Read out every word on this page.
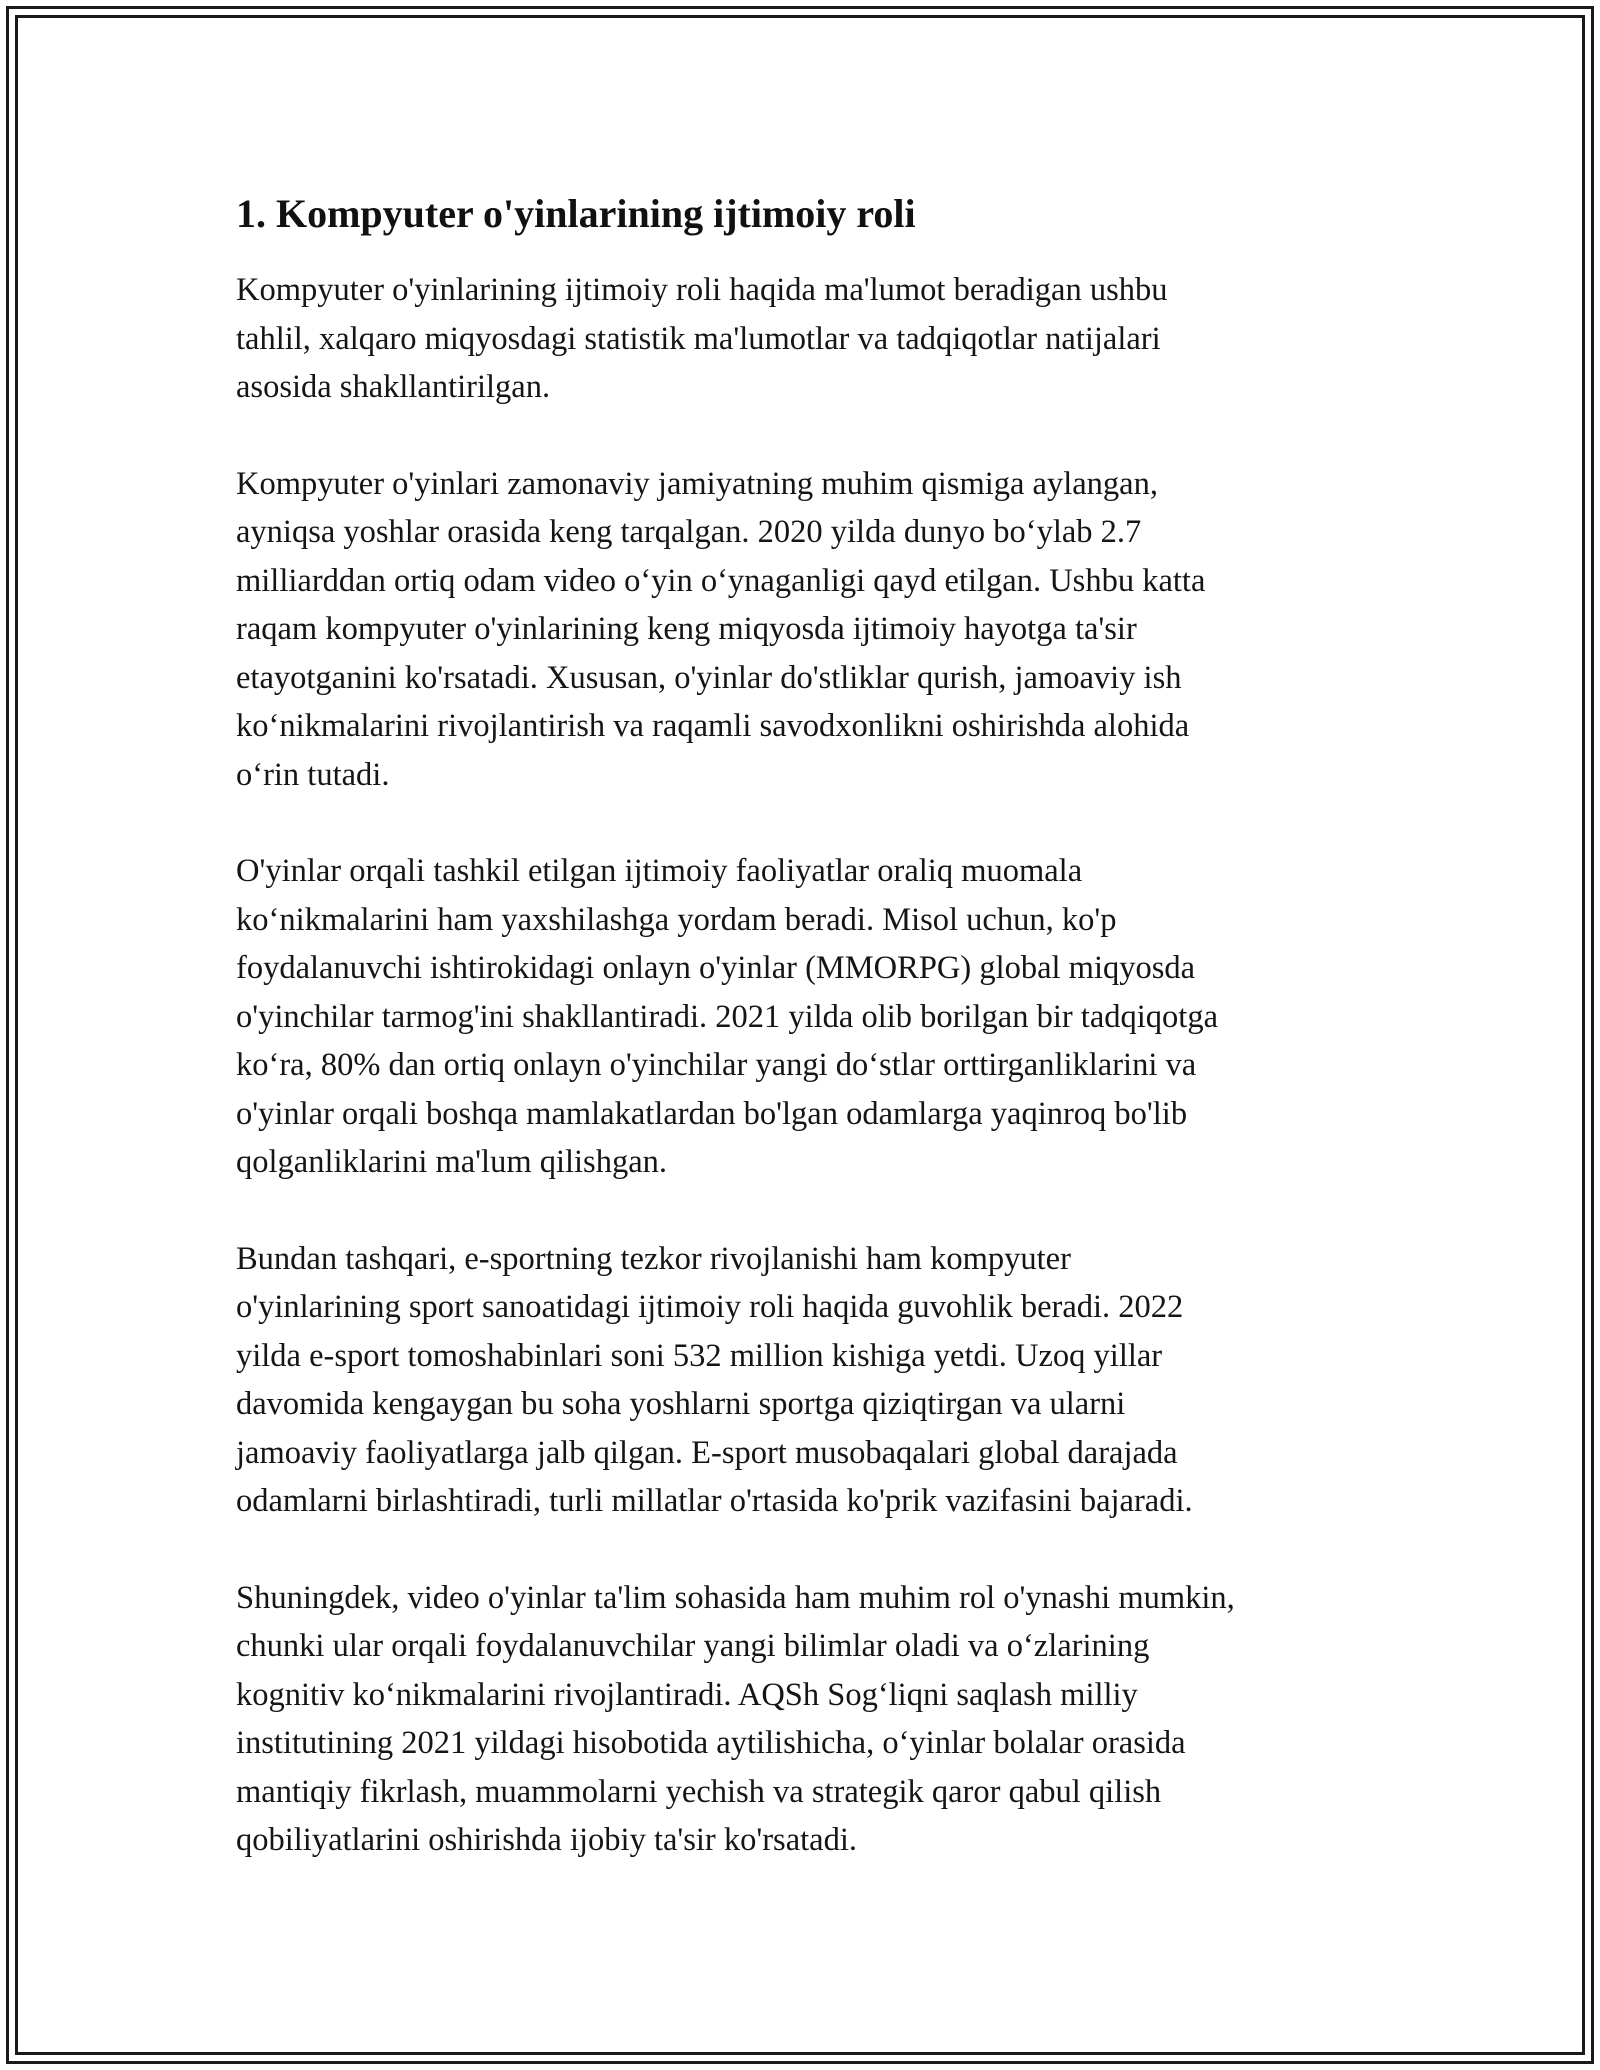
1. Kompyuter o'yinlarining ijtimoiy roli

Kompyuter o'yinlarining ijtimoiy roli haqida ma'lumot beradigan ushbu
tahlil, xalqaro miqyosdagi statistik ma'lumotlar va tadqiqotlar natijalari
asosida shakllantirilgan.

Kompyuter o'yinlari zamonaviy jamiyatning muhim qismiga aylangan,
ayniqsa yoshlar orasida keng tarqalgan. 2020 yilda dunyo bo‘ylab 2.7
milliarddan ortiq odam video o‘yin o‘ynaganligi qayd etilgan. Ushbu katta
raqam kompyuter o'yinlarining keng miqyosda ijtimoiy hayotga ta'sir
etayotganini ko'rsatadi. Xususan, o'yinlar do'stliklar qurish, jamoaviy ish
ko‘nikmalarini rivojlantirish va raqamli savodxonlikni oshirishda alohida
o‘rin tutadi.

O'yinlar orqali tashkil etilgan ijtimoiy faoliyatlar oraliq muomala
ko‘nikmalarini ham yaxshilashga yordam beradi. Misol uchun, ko'p
foydalanuvchi ishtirokidagi onlayn o'yinlar (MMORPG) global miqyosda
o'yinchilar tarmog'ini shakllantiradi. 2021 yilda olib borilgan bir tadqiqotga
ko‘ra, 80% dan ortiq onlayn o'yinchilar yangi do‘stlar orttirganliklarini va
o'yinlar orqali boshqa mamlakatlardan bo'lgan odamlarga yaqinroq bo'lib
qolganliklarini ma'lum qilishgan.

Bundan tashqari, e-sportning tezkor rivojlanishi ham kompyuter
o'yinlarining sport sanoatidagi ijtimoiy roli haqida guvohlik beradi. 2022
yilda e-sport tomoshabinlari soni 532 million kishiga yetdi. Uzoq yillar
davomida kengaygan bu soha yoshlarni sportga qiziqtirgan va ularni
jamoaviy faoliyatlarga jalb qilgan. E-sport musobaqalari global darajada
odamlarni birlashtiradi, turli millatlar o'rtasida ko'prik vazifasini bajaradi.

Shuningdek, video o'yinlar ta'lim sohasida ham muhim rol o'ynashi mumkin,
chunki ular orqali foydalanuvchilar yangi bilimlar oladi va o‘zlarining
kognitiv ko‘nikmalarini rivojlantiradi. AQSh Sog‘liqni saqlash milliy
institutining 2021 yildagi hisobotida aytilishicha, o‘yinlar bolalar orasida
mantiqiy fikrlash, muammolarni yechish va strategik qaror qabul qilish
qobiliyatlarini oshirishda ijobiy ta'sir ko'rsatadi.
